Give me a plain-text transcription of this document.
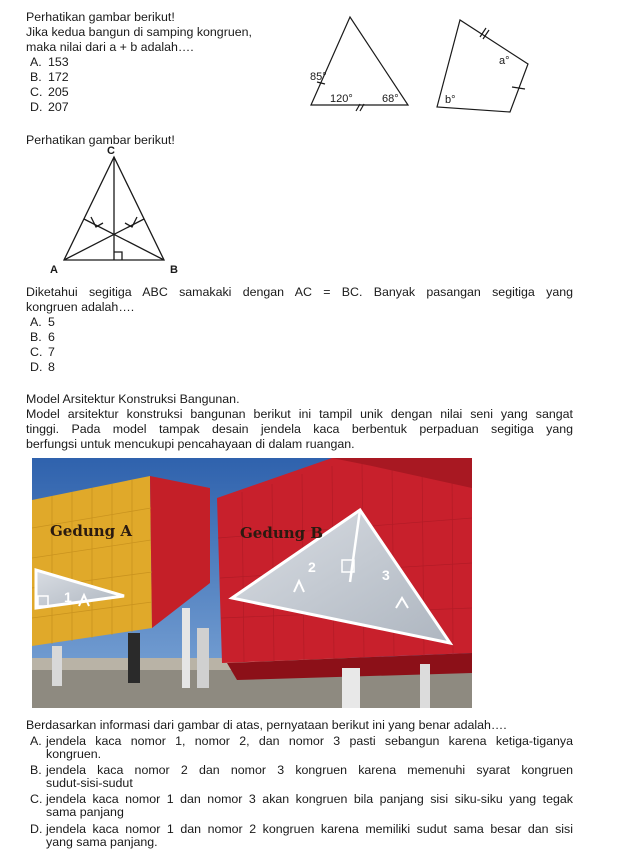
Perhatikan gambar berikut!
Jika kedua bangun di samping kongruen,
maka nilai dari a + b adalah….
A. 153
B. 172
C. 205
D. 207
85°
120°	68°
a°
b°
Perhatikan gambar berikut!
C
A	B
Diketahui segitiga ABC samakaki dengan AC = BC. Banyak pasangan segitiga yang
kongruen adalah….
A. 5
B. 6
C. 7
D. 8
Model Arsitektur Konstruksi Bangunan.
Model arsitektur konstruksi bangunan berikut ini tampil unik dengan nilai seni yang sangat
tinggi. Pada model tampak desain jendela kaca berbentuk perpaduan segitiga yang
berfungsi untuk mencukupi pencahayaan di dalam ruangan.
1
Gedung A
2	3
Gedung B
Berdasarkan informasi dari gambar di atas, pernyataan berikut ini yang benar adalah….
A. jendela kaca nomor 1, nomor 2, dan nomor 3 pasti sebangun karena ketiga-tiganya
kongruen.
B. jendela kaca nomor 2 dan nomor 3 kongruen karena memenuhi syarat kongruen
sudut-sisi-sudut
C. jendela kaca nomor 1 dan nomor 3 akan kongruen bila panjang sisi siku-siku yang tegak
sama panjang
D. jendela kaca nomor 1 dan nomor 2 kongruen karena memiliki sudut sama besar dan sisi
yang sama panjang.
